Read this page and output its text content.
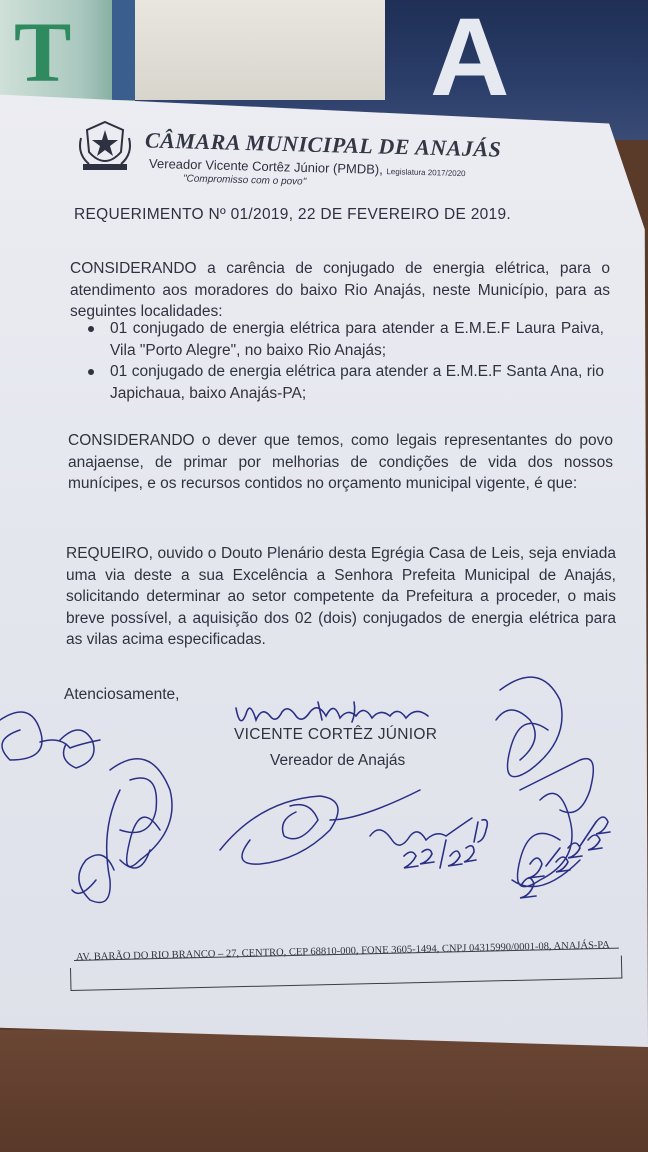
T	A
CÂMARA MUNICIPAL DE ANAJÁS
Vereador Vicente Cortêz Júnior (PMDB), Legislatura 2017/2020
"Compromisso com o povo"
REQUERIMENTO Nº 01/2019, 22 DE FEVEREIRO DE 2019.
CONSIDERANDO a carência de conjugado de energia elétrica, para o atendimento aos moradores do baixo Rio Anajás, neste Município, para as seguintes localidades:
01 conjugado de energia elétrica para atender a E.M.E.F Laura Paiva, Vila "Porto Alegre", no baixo Rio Anajás;
01 conjugado de energia elétrica para atender a E.M.E.F Santa Ana, rio Japichaua, baixo Anajás-PA;
CONSIDERANDO o dever que temos, como legais representantes do povo anajaense, de primar por melhorias de condições de vida dos nossos munícipes, e os recursos contidos no orçamento municipal vigente, é que:
REQUEIRO, ouvido o Douto Plenário desta Egrégia Casa de Leis, seja enviada uma via deste a sua Excelência a Senhora Prefeita Municipal de Anajás, solicitando determinar ao setor competente da Prefeitura a proceder, o mais breve possível, a aquisição dos 02 (dois) conjugados de energia elétrica para as vilas acima especificadas.
Atenciosamente,
VICENTE CORTÊZ JÚNIOR
Vereador de Anajás
AV. BARÃO DO RIO BRANCO – 27, CENTRO, CEP 68810-000, FONE 3605-1494, CNPJ 04315990/0001-08, ANAJÁS-PA
